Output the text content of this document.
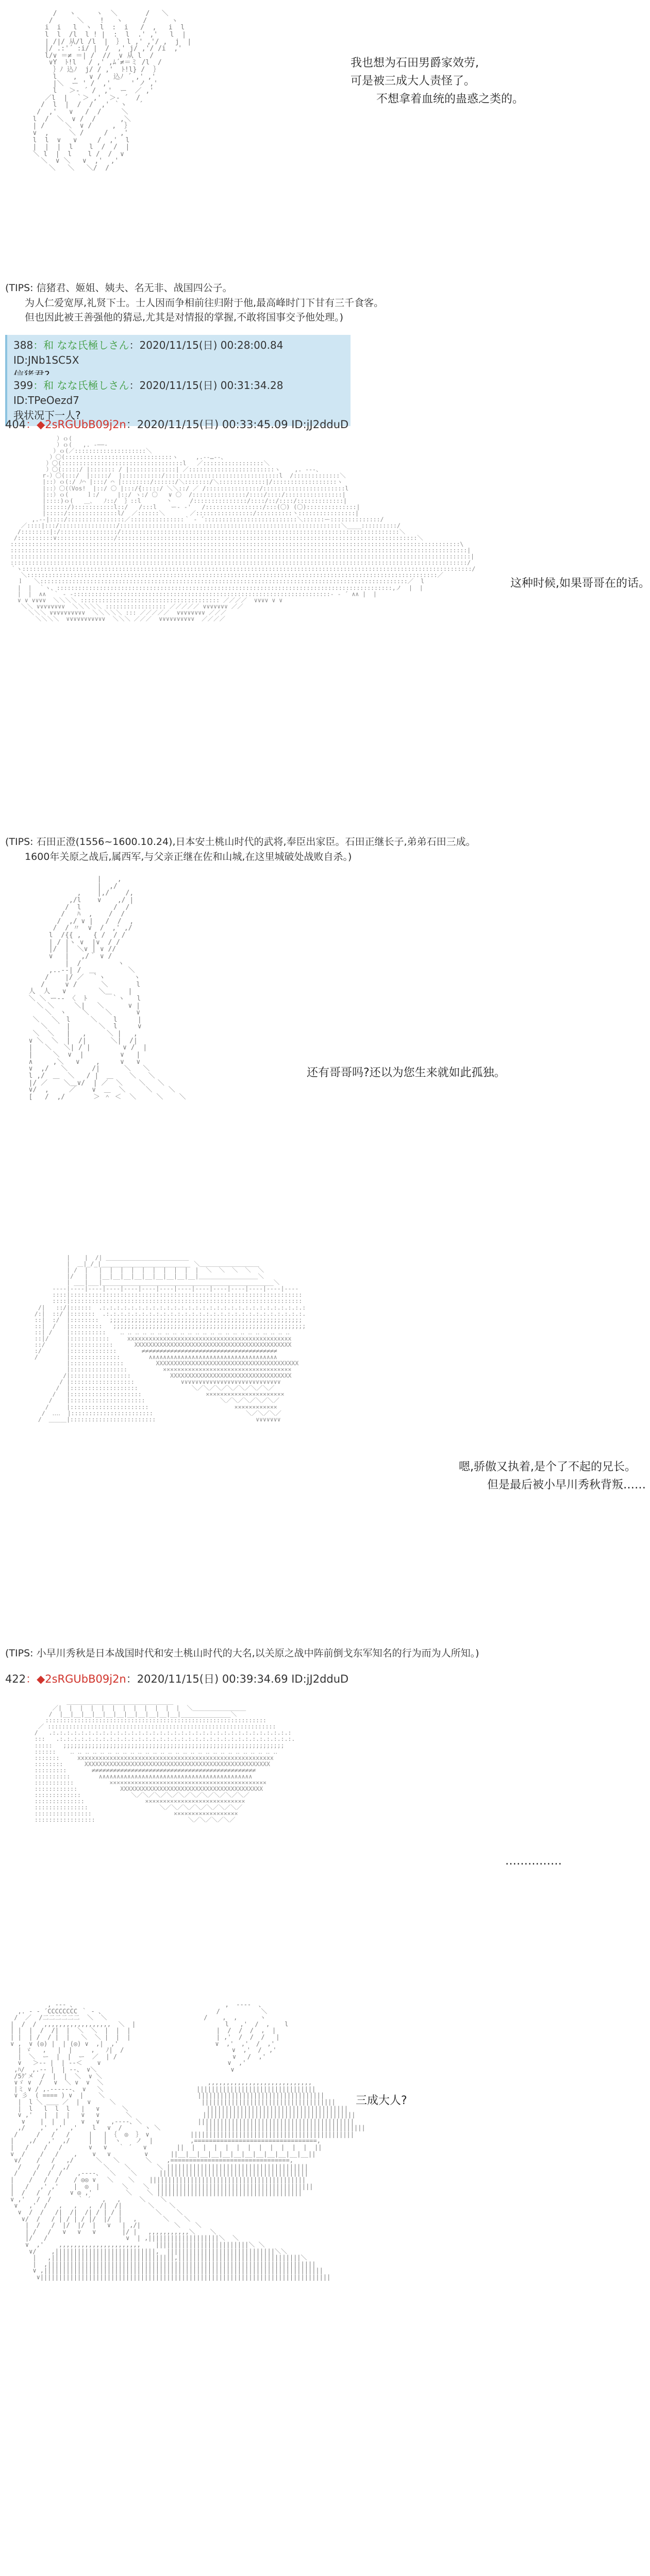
/   ヽ     ヽ  ＼       /   ＼
/      ＼    !   ヽ     /      ヽ
i  i   l  ヽ  l  :  i   /  ,   i  l
l  l  /l  l ! |  :  l  .' ,'   l  |
| /|/ 从/l /l  |  ｝ l ,' ,'/ ,  j  |
|/ .:'´ :i/ |  /  ,' j/ ,'/ /i  ,'
l/∨ ＝≠ ＝| /  //  ∨ 从 l  /
∨Y  ﾄ!l   / ,' ,ﾑ´≠＝ミ /l  /
｝ﾉ 込ﾉ  j/ / ,'  ﾄ!l} /  ｝
l    ,   ∨ /   込ﾉ ´ ,' ,'
|＼  ー ' /  ,'     ' ノ ,'
l   ＞‐ ´ /  ,'  ー  ／ ,'
／l  |  ｀＞ ,'  ＞‐ ´  /
/  l  |  /  /  ,' ｀ヽ   ´
/  ,'   ∨   /  /     ＼
l  /  ＼  ∨ /  /      ,＼
| /     ＼  ∨ /     ,  ｝
∨  ,     ＼ /     /   ,'
l  l  ∨   ∨     /  ,'  l
|  |  |  l    l  /  /  |
＼ l  |  l    l /  /  ∨
＼  ∨ ＼   ∨  ,'  ,'
＼   ＼   ＼/  /

我也想为石田男爵家效劳,
可是被三成大人责怪了。
不想拿着血统的蛊惑之类的。
(TIPS: 信猪君、姬姐、姨夫、名无非、战国四公子。
　　为人仁爱宽厚,礼贤下士。士人因而争相前往归附于他,最高峰时门下甘有三千食客。
　　但也因此被王善强他的猜忌,尤其是对情报的掌握,不敢将国事交予他处理。)
388：和 なな氏極しさん：2020/11/15(日) 00:28:00.84 ID:JNb1SC5X
399：和 なな氏極しさん：2020/11/15(日) 00:31:34.28 ID:TPeOezd7
我状况下一人?
404：◆2sRGUbB09j2n：2020/11/15(日) 00:33:45.09 ID:jJ2dduD
）ｏ(
）ｏ(   ,. -――-
）ｏ(／::::::::::::::::::::＼
）〇(::::::::::::::::::::::::::::::ヽ     ,.-‐…‐-、
）〇(::::::::::::::::::::::::::::::::::l   ／:::::::::::::::::＼
）〇(:::::/ |::::::: / |:::::::::::::| ／::::::::::::::::::::::::ヽ    ,. -‐-、
r‐）〇(:::/  |:::::/  |:::::::::::/::::::::::::::::::::::::::::::::l  /:::::::::::::＼
|::）ｏ(:/ ﾉ⌒ |:::/ ⌒ |::::::::/::::::/＼:::::::/＼:::::::::::::|/::::::::::::::::::ヽ
|::）〇(（Vos!  |::/ 〇 |:::/{:::::/ ＼＼::/ ／ /:::::::::::::::/:::::::::::::::::::::::l
|::）ｏ(     ｌ:/     |::/ ヽ:/ 〇   ∨ 〇  /:::::::::::::::/::::/::::/::::::::::::::::|
|::::)ｏ(   ＿､   ﾉ::/  ｝::l       丶     /:::::::::::::::/::::/::/::::/:::::::::::::|
|::::::/):::::::::::l::/   /:::l    ー- ‐'   /::::::::::::::::/:::(〇) (〇)::::::::::::::|
|:::::/::::::::::::::l/  ／::::::＼       ／::::::::::::::::/::::::::::丶::::::::::::::::|
,.-‐|::::/::::::::::::::::／:::::::::::::::｀ ‐ ´::::::::::::::::::::::::::＼::::::ー::::::::::::::/
／::::|:::/::::::::::::::::/::::::::::::::::::::::::::::::::::::::::::::::::::::::::::::::＼____::::::::::/
/::::::::|:/::::::::::::::::/::::::::::::::::::::::::::::::::::::::::::::::::::::::::::::::::::::::::::::::＼
/::::::::::∨::::::::::::::::/::::::::::::::::::::::::::::::::::::::::::::::::::::::::::::::::::::::::::::::::::::＼
::::::::::::::::::::::::::::::::::::::::::::::::::::::::::::::::::::::::::::::::::::::::::::::::::::::::::::::::::::::::::::::\
::::::::::::::::::::::::::::::::::::::::::::::::::::::::::::::::::::::::::::::::::::::::::::::::::::::::::::::::::::::::::::::::|
:::::::::::::::::::::::::::::::::::::::::::::::::::::::::::::::::::::::::::::::::::::::::::::::::::::::::::::::::::::::::::::::::|
::::::::::::::::::::::::::::::::::::::::::::::::::::::::::::::::::::::::::::::::::::::::::::::::::::::::::::::::::::::::::::::::/
｀ヽ::::::::::::::::::::::::::::::::::::::::::::::::::::::::::::::::::::::::::::::::::::::::::::::::::::::::::::::::::::::::::::::/
＼:::::::::::::::::::::::::::::::::::::::::::::::::::::::::::::::::::::::::::::::::::::::::::::::::::::::::::::::::::／
ｌ   ＼:::::::::::::::::::::::::::::::::::::::::::::::::::::::::::::::::::::::::::::::::::::::::::::::::::::::／  l
|  |  ｀ヽ、::::::::::::::::::::::::::::::::::::::::::::::::::::::::::::::::::::::::::::::::::::::::::::::,ノ  |  |
|  |  ∧∧  ｀ ‐ -::::::::::::::::::::::::::::::::::::::::::::::::::::::::::::::::::::::::- ‐ ´ ∧∧ |  |
∨ ∨ ∨∨∨∨  ＼＼＼＼ ::::::::::::::::::::::::::::::::::::::: ／／／／  ∨∨∨∨ ∨ ∨
＼＼ ∨∨∨∨∨∨∨∨  ＼＼＼＼＼ ::::::::::::::::: ／／／／／ ∨∨∨∨∨∨∨ ／／
＼＼＼ ∨∨∨∨∨∨∨∨∨∨  ＼＼＼＼＼ ::: ／／／／／  ∨∨∨∨∨∨∨∨ ／／／
＼＼＼＼  ∨∨∨∨∨∨∨∨∨∨∨  ＼＼＼ ／／／  ∨∨∨∨∨∨∨∨∨∨  ／／／／

这种时候,如果哥哥在的话。
(TIPS: 石田正澄(1556~1600.10.24),日本安土桃山时代的武将,奉臣出家臣。石田正继长子,弟弟石田三成。
　　1600年关原之战后,属西军,与父亲正继在佐和山城,在这里城破处战败自杀。)
|    ,
|  ,/
,    |,/    /,
,/l    ∨    ,/ |
/  l        /  /
/   ﾊ  ,    /  /
/  ,/ ∨ |   /  /  ,
/  / 〃  ∨  /  ,' ,/
l  /{{ ,   { /  / /
| / |ヽ ∨  |∨  / /
|/  |  ＼∨ | ∨ //
∨   |   ,/｀ ∨ /
|  /         ヽ
,..‐‐| /  ＿        ＼
/    |/ ／  ｀ヽ       ヽ
/     ∨ /      ＼       l
人  人   ∨        ＼＿    |
＼ ＼ ー‐- 〈  ﾄ      ｀ヽ   l
＼ ＼     ＼|   ＼      ∨ |
＼  ヽ    ＼    ＼      ∨
＼   ＼  l     ＼    l     |
＼  ｀ |       ＼  l     ∨
＼  ＼   |   ,     ＼ |   ,
∨ ＼  ＼  |  /|      ＼|  /|
|   ＼   ＼| / |        ∨ /  |
|     ＼  ∨  |         ∨   |
∧     ,＼   ∨    ,     ∨   ∨
∨  ,/   ＼      /|      ＼   ＼
l ,/  ＿  ＼   / |  ＿    ＼   ＼
|/ ／    ＼＿∨/  | ／  ＼    ＼   ＼
∨/  ,     ／    ∨  ＿  ＼     ＼    ＼
[   /  ,/       ＞ ＾ ＜  ＼     ＼    ＼

还有哥哥吗?还以为您生来就如此孤独。
|    |  /| ＿＿＿＿＿＿＿＿＿＿＿＿＿＿
|  ＿|_/_|_________________________ ＼＿＿＿＿＿＿＿＿＿＿
| /  |   |  |  |  |  |  |  |  |  |  |  ＼  ＼  ＼  ＼  ＼
|/   |   |__|__|__|__|__|__|__|__|__|＿＿＿＿＿＿＿＿＿＿＼
| ___|___|________________________________________________＼
----|----|----|----|----|----|----|----|----|----|----|----|----|----
::::|:::::::::::::::::::::::::::::::::::::::::::::::::::::::::::::::::
::::|:::::::::::::::::::::::::::::::::::::::::::::::::::::::::::::::::
/|   ::/|::::::  .:.:.:.:.:.:.:.:.:.:.:.:.:.:.:.:.:.:.:.:.:.:.:.:.:.:.:.:.:
/:|  ::/ |:::::::  .:.:.:.:.:.:.:.:.:.:.:.:.:.:.:.:.:.:.:.:.:.:.:.:.:.:.:.:.
::|  :/  |::::::::   ;;;;;;;;;;;;;;;;;;;;;;;;;;;;;;;;;;;;;;;;;;;;;;;;;;;;;;
::|  /   |:::::::::   ;;;;;;;;;;;;;;;;;;;;;;;;;;;;;;;;;;;;;;;;;;;;;;;;;;;;;;
::| /    |::::::::::    ‥ ‥ ‥ ‥ ‥ ‥ ‥ ‥ ‥ ‥ ‥ ‥ ‥ ‥ ‥ ‥ ‥ ‥ ‥ ‥ ‥ ‥ ‥
::|/     |:::::::::::     xxxxxxxxxxxxxxxxxxxxxxxxxxxxxxxxxxxxxxxxxxxxxx
::/      |::::::::::::      XXXXXXXXXXXXXXXXXXXXXXXXXXXXXXXXXXXXXXXXXXXX
:/       |:::::::::::::       ≠≠≠≠≠≠≠≠≠≠≠≠≠≠≠≠≠≠≠≠≠≠≠≠≠≠≠≠≠≠≠≠≠≠≠≠≠≠
/        |::::::::::::::        ∧∧∧∧∧∧∧∧∧∧∧∧∧∧∧∧∧∧∧∧∧∧∧∧∧∧∧∧∧∧∧∧∧∧∧∧
|:::::::::::::::         XXXXXXXXXXXXXXXXXXXXXXXXXXXXXXXXXXXXXXXX
|::::::::::::::::          ××××××××××××××××××××××××××××××××××××
/|:::::::::::::::::           XXXXXXXXXXXXXXXXXXXXXXXXXXXXXXXXXX
/ |::::::::::::::::::             ∨∨∨∨∨∨∨∨∨∨∨∨∨∨∨∨∨∨∨∨∨∨∨∨∨∨∨∨
/  |:::::::::::::::::::               ＼／＼／＼／＼／＼／＼／＼／
/   |::::::::::::::::::::                  ××××××××××××××××××××××
/    |:::::::::::::::::::::                     ＼／＼／＼／＼／＼／
/     |::::::::::::::::::::::                        ××××××××××××
/  ‥‥  |:::::::::::::::::::::::                          ＼／＼／＼／
/  ＿＿＿|::::::::::::::::::::::::                            ∨∨∨∨∨∨∨

嗯,骄傲又执着,是个了不起的兄长。
但是最后被小早川秀秋背叛……
(TIPS: 小早川秀秋是日本战国时代和安土桃山时代的大名,以关原之战中阵前倒戈东军知名的行为而为人所知。)
422：◆2sRGUbB09j2n：2020/11/15(日) 00:39:34.69 ID:jJ2dduD

＿＿＿＿＿＿＿＿＿＿＿＿＿＿＿＿＿＿
／|  |  |  |  |  |  |  |  |  |  |  |  ＼＿＿＿＿＿＿＿＿＿
/  |__|__|__|__|__|__|__|__|__|__|__|______________＼
::::::::::::::::::::::::::::::::::::::::::::::::::::::::::::::
／ ::::::::::::::::::::::::::::::::::::::::::::::::::::::::::::::::
/   .:.:.:.:.:.:.:.:.:.:.:.:.:.:.:.:.:.:.:.:.:.:.:.:.:.:.:.:.:.:.:.:.:.:
:::   .:.:.:.:.:.:.:.:.:.:.:.:.:.:.:.:.:.:.:.:.:.:.:.:.:.:.:.:.:.:.:.:.:.
:::::   ;;;;;;;;;;;;;;;;;;;;;;;;;;;;;;;;;;;;;;;;;;;;;;;;;;;;;;;;;;;;;;
::::::    ‥ ‥ ‥ ‥ ‥ ‥ ‥ ‥ ‥ ‥ ‥ ‥ ‥ ‥ ‥ ‥ ‥ ‥ ‥ ‥ ‥ ‥ ‥ ‥ ‥ ‥ ‥ ‥
:::::::     xxxxxxxxxxxxxxxxxxxxxxxxxxxxxxxxxxxxxxxxxxxxxxxxxxxxxxx
::::::::      XXXXXXXXXXXXXXXXXXXXXXXXXXXXXXXXXXXXXXXXXXXXXXXXXXXX
:::::::::       ≠≠≠≠≠≠≠≠≠≠≠≠≠≠≠≠≠≠≠≠≠≠≠≠≠≠≠≠≠≠≠≠≠≠≠≠≠≠≠≠≠≠≠≠≠≠
::::::::::        ∧∧∧∧∧∧∧∧∧∧∧∧∧∧∧∧∧∧∧∧∧∧∧∧∧∧∧∧∧∧∧∧∧∧∧∧∧∧∧∧∧∧∧
:::::::::::          ××××××××××××××××××××××××××××××××××××××××××××
::::::::::::            XXXXXXXXXXXXXXXXXXXXXXXXXXXXXXXXXXXXXXXX
:::::::::::::              ＼／＼／＼／＼／＼／＼／＼／＼／＼／＼／
::::::::::::::                 ××××××××××××××××××××××××××××
:::::::::::::::                    ＼／＼／＼／＼／＼／＼／＼／
::::::::::::::::                       ××××××××××××××××××
:::::::::::::::::                          ＼／＼／＼／＼／

……………
, -‐- 、                                        ,  -‐‐-  、
,. - ‐ ´CCCCCCCC ｀ ‐ 、                              /           ＼
/  ／  /二二二二二二  ＼  ＼                          /    ,  ,      ヽ
|  /  /  ,,,,,,,,,,,,,,,,,,  ＼  |                        l   ,'  /  ,    l
| |  |  /  /|  |  ＼  ＼  |  |  |                       |  /  /  /  ,  |
| |  | /  / |  |   ＼  ＼ |  |  |                       | ,'  /  /  /   |
∨ ,  ∨ (◎) |  | (◎) ∨  ,|  ,'                          ∨  ,'  ,'  /  ,'
| ゞ   ,   |  |     ,   ﾉ|  /                             ∨  ,'  /  ,'
|  ＼  ー  |  |  ー  ／  | /                               ∨   /  ,'
∨   ＞‐- |  | -‐＜    ∨                                  ∨  ,'
,ﾊ/  ,.-‐ |  | ‐-、 ∨＼                                    ∨
/5ｸﾞ㐅  /  |  |  ＼  ∨ ＼
∨ゞ ∨  /   ∨  ＼ ∨  ∨  ＼                            ,,,,,,,,,,,,,,,,,,,,,,,,,,,,
|ミ ∨ / ,.-‐‐‐‐-、 ∨   ＼                         ||||||||||||||||||||||||||||||||
∨ 彡  ( ==== ) ∨  |    ＼                         ||||||||||||||||||||||||||||||||||
|  l ＼ ＿＿ ／  |  ∨     ＼                       ||||||||||||||||||||||||||||||||||||
|  l   l  l  l   |   ∨      ＼                     ||||||||||||||||||||||||||||||||||||||
∨ ,'   |  |  |   ∨   ∨       ＼                   |||||||||||||||||||||||||||||||||||||||||
∨    |  |  |    ∨   ∨   ,-‐‐-、＼               ||||||||||||||||||||||||||||||||||||||||||
,/    ,'  ,'  ,'    l   ∨  /      ヽ ＼            |||||||||||||||||||||||||||||||||||||||||||
/     /   /   /     |   | ｛  ◎  ｝ ∨           ||||||||||||||||||||||||||||||||||||||||||||
|    ,/   ,'  ,/     |   |  ヽ    ノ  |          ,=================================,
|   /    /   /       ∨   ∨   ｀ ´   ∨        ||  |  |  |  |  |  |  |  |  |  |  |  ||
∨  /    /   /    ,    ∨   ∨         ∨      ||__|__|__|__|__|__|__|__|__|__|__|__||
∨/    /   /   ,/      ＼   ＼       ＼    ,================================,
/    /   /  ,/         ＼    ＼       ＼ ||||||||||||||||||||||||||||||||||||||
/    /   /  /    ,-‐‐-、  ＼    ＼      ||||||||||||||||||||||||||||||||||||||||
|    /   /  /    / ◎◎ ∨   ＼    ＼    ||||||||||||||||||||||||||||||||||||||||||
|   /   ,' ,'    |  ◎  |      ＼    ＼  ||||||||||||||||||||||||||||||||||||||||||
|  /   /  /     ∨ ◎ ,'         ＼    ＼ |||||||||||||||||||||||||||||||||||||||
∨ ,'   /  /       ｀ ´   ,   ,     ＼    ＼
∨   ,'  /   ,   ,   ,  /|  /|       ＼    ＼
∨  /  /   /|  /|  /| / | / |         ＼    ＼
∨/  /   / | / | / |/  |/  |   ,       ＼    ＼
|  /   /  |/  |/  |   ∨   | ,/|         ＼    ＼
| /   /   ∨   ∨   ∨       |/ |   ,,,,,,,,,,,＼    ＼
|/   /                     ∨  | ,|||||||||||||||||||＼  ＼
∨  ,'    ,,,,,,,,,,,,,,,,,,,,,,    |||||||||||||||||||||||||＼ ＼
∨/    ,|||||||||||||||||||||||||||,  |||||||||||||||||||||||||||||＼＼
|   ,|||||||||||||||||||||||||||||||||,|||||||||||||||||||||||||||||||||＼
|  ,||||||||||||||||||||||||||||||||||||||||||||||||||||||||||||||||||||||||
∨ ,|||||||||||||||||||||||||||||||||||||||||||||||||||||||||||||||||||||||||||
∨||||||||||||||||||||||||||||||||||||||||||||||||||||||||||||||||||||||||||||||

三成大人?
